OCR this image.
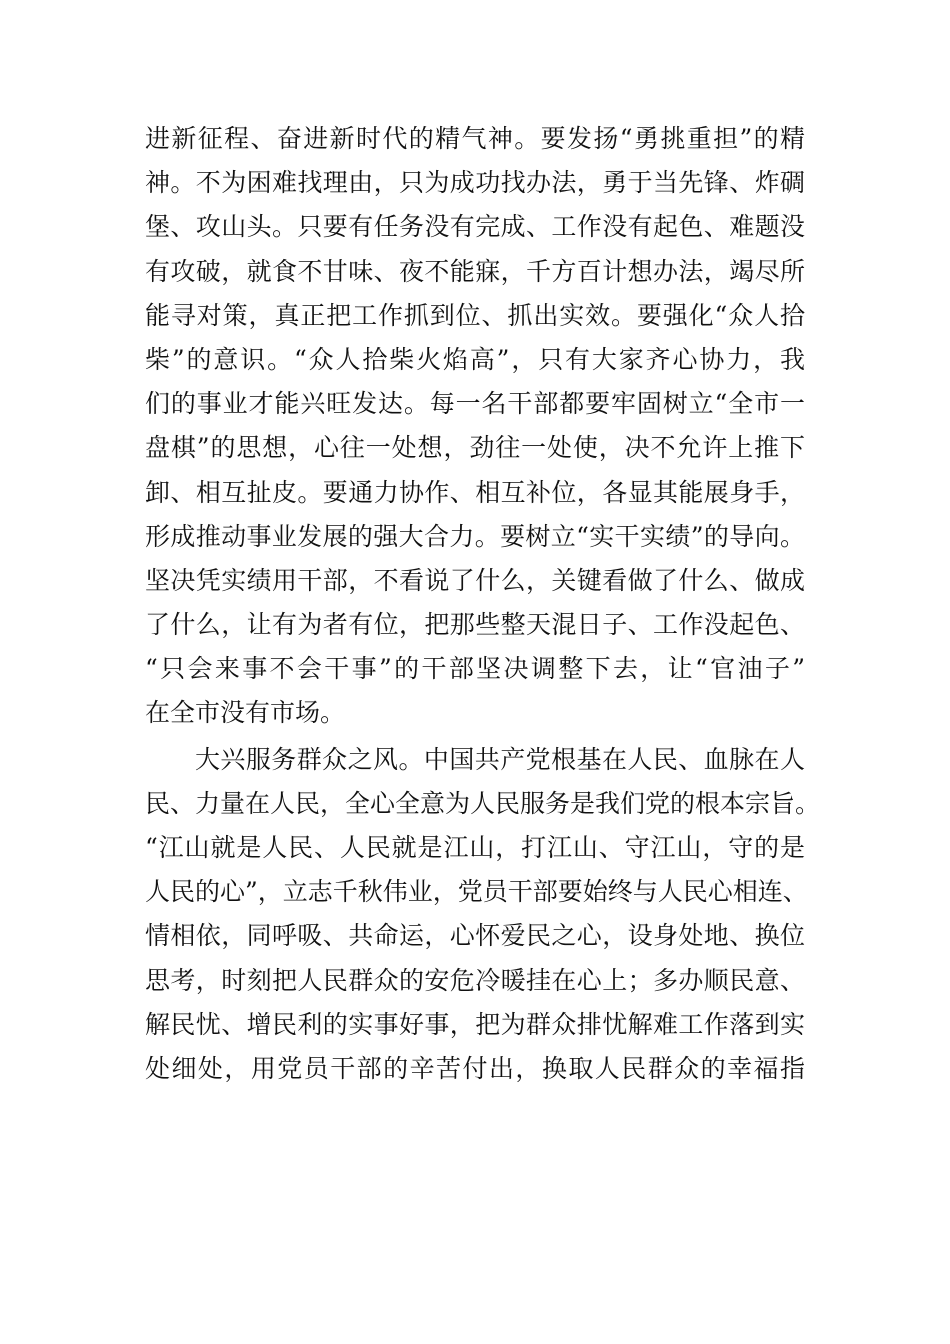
进新征程、奋进新时代的精气神。要发扬“勇挑重担”的精
神。不为困难找理由，只为成功找办法，勇于当先锋、炸碉
堡、攻山头。只要有任务没有完成、工作没有起色、难题没
有攻破，就食不甘味、夜不能寐，千方百计想办法，竭尽所
能寻对策，真正把工作抓到位、抓出实效。要强化“众人拾
柴”的意识。“众人拾柴火焰高”，只有大家齐心协力，我
们的事业才能兴旺发达。每一名干部都要牢固树立“全市一
盘棋”的思想，心往一处想，劲往一处使，决不允许上推下
卸、相互扯皮。要通力协作、相互补位，各显其能展身手，
形成推动事业发展的强大合力。要树立“实干实绩”的导向。
坚决凭实绩用干部，不看说了什么，关键看做了什么、做成
了什么，让有为者有位，把那些整天混日子、工作没起色、
“只会来事不会干事”的干部坚决调整下去，让“官油子”
在全市没有市场。
大兴服务群众之风。中国共产党根基在人民、血脉在人
民、力量在人民，全心全意为人民服务是我们党的根本宗旨。
“江山就是人民、人民就是江山，打江山、守江山，守的是
人民的心”，立志千秋伟业，党员干部要始终与人民心相连、
情相依，同呼吸、共命运，心怀爱民之心，设身处地、换位
思考，时刻把人民群众的安危冷暖挂在心上；多办顺民意、
解民忧、增民利的实事好事，把为群众排忧解难工作落到实
处细处，用党员干部的辛苦付出，换取人民群众的幸福指
